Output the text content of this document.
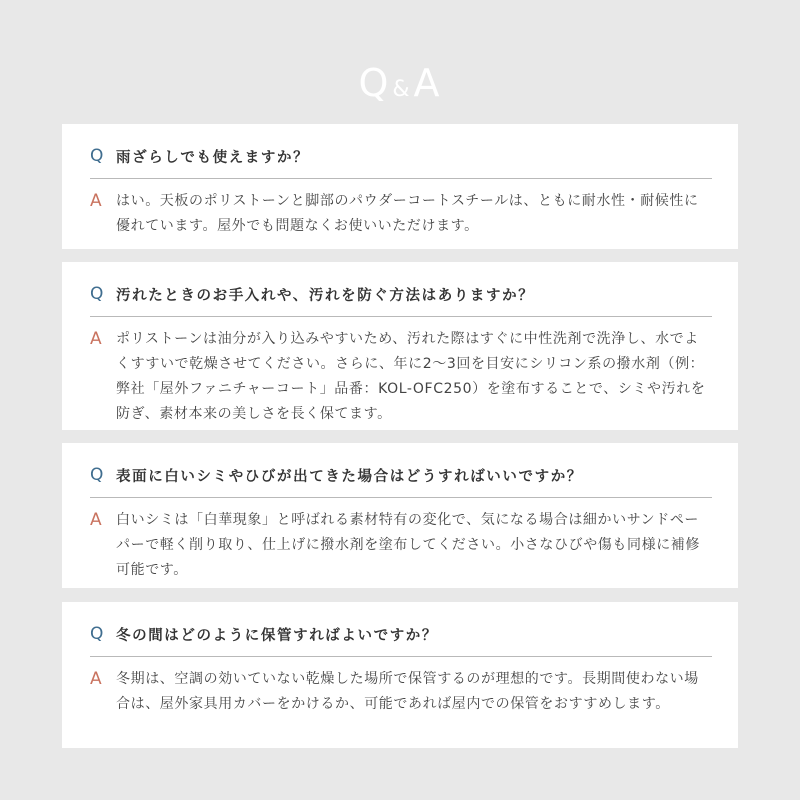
Q&A
Q 雨ざらしでも使えますか？
A	はい。天板のポリストーンと脚部のパウダーコートスチールは、ともに耐水性・耐候性に優れています。屋外でも問題なくお使いいただけます。
Q 汚れたときのお手入れや、汚れを防ぐ方法はありますか？
A	ポリストーンは油分が入り込みやすいため、汚れた際はすぐに中性洗剤で洗浄し、水でよくすすいで乾燥させてください。さらに、年に2〜3回を目安にシリコン系の撥水剤（例：弊社「屋外ファニチャーコート」品番：KOL-OFC250）を塗布することで、シミや汚れを防ぎ、素材本来の美しさを長く保てます。
Q 表面に白いシミやひびが出てきた場合はどうすればいいですか？
A	白いシミは「白華現象」と呼ばれる素材特有の変化で、気になる場合は細かいサンドペーパーで軽く削り取り、仕上げに撥水剤を塗布してください。小さなひびや傷も同様に補修可能です。
Q 冬の間はどのように保管すればよいですか？
A	冬期は、空調の効いていない乾燥した場所で保管するのが理想的です。長期間使わない場合は、屋外家具用カバーをかけるか、可能であれば屋内での保管をおすすめします。
